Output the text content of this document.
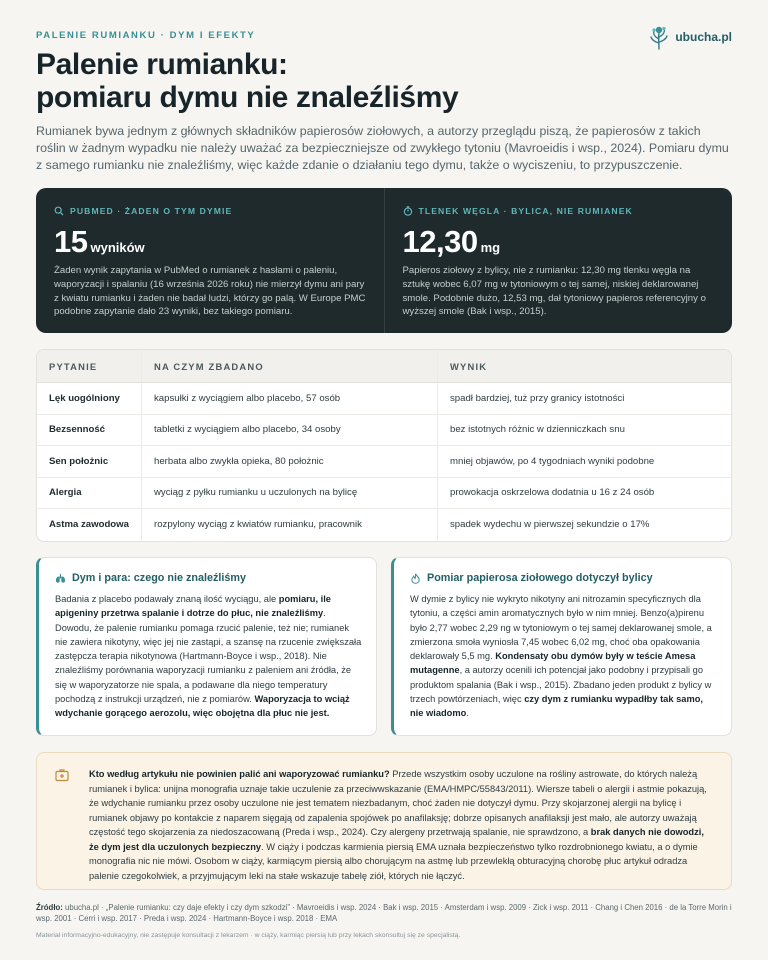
PALENIE RUMIANKU · DYM I EFEKTY	ubucha.pl
Palenie rumianku:
pomiaru dymu nie znaleźliśmy

Rumianek bywa jednym z głównych składników papierosów ziołowych, a autorzy przeglądu piszą, że papierosów z takich roślin w żadnym wypadku nie należy uważać za bezpieczniejsze od zwykłego tytoniu (Mavroeidis i wsp., 2024). Pomiaru dymu z samego rumianku nie znaleźliśmy, więc każde zdanie o działaniu tego dymu, także o wyciszeniu, to przypuszczenie.

PUBMED · ŻADEN O TYM DYMIE
15 wyników

Żaden wynik zapytania w PubMed o rumianek z hasłami o paleniu, waporyzacji i spalaniu (16 września 2026 roku) nie mierzył dymu ani pary z kwiatu rumianku i żaden nie badał ludzi, którzy go palą. W Europe PMC podobne zapytanie dało 23 wyniki, bez takiego pomiaru.

TLENEK WĘGLA · BYLICA, NIE RUMIANEK
12,30 mg

Papieros ziołowy z bylicy, nie z rumianku: 12,30 mg tlenku węgla na sztukę wobec 6,07 mg w tytoniowym o tej samej, niskiej deklarowanej smole. Podobnie dużo, 12,53 mg, dał tytoniowy papieros referencyjny o wyższej smole (Bak i wsp., 2015).

PYTANIE	NA CZYM ZBADANO	WYNIK
Lęk uogólniony	kapsułki z wyciągiem albo placebo, 57 osób	spadł bardziej, tuż przy granicy istotności
Bezsenność	tabletki z wyciągiem albo placebo, 34 osoby	bez istotnych różnic w dzienniczkach snu
Sen położnic	herbata albo zwykła opieka, 80 położnic	mniej objawów, po 4 tygodniach wyniki podobne
Alergia	wyciąg z pyłku rumianku u uczulonych na bylicę	prowokacja oskrzelowa dodatnia u 16 z 24 osób
Astma zawodowa	rozpylony wyciąg z kwiatów rumianku, pracownik	spadek wydechu w pierwszej sekundzie o 17%
Dym i para: czego nie znaleźliśmy

Badania z placebo podawały znaną ilość wyciągu, ale pomiaru, ile apigeniny przetrwa spalanie i dotrze do płuc, nie znaleźliśmy. Dowodu, że palenie rumianku pomaga rzucić palenie, też nie; rumianek nie zawiera nikotyny, więc jej nie zastąpi, a szansę na rzucenie zwiększała zastępcza terapia nikotynowa (Hartmann-Boyce i wsp., 2018). Nie znaleźliśmy porównania waporyzacji rumianku z paleniem ani źródła, że się w waporyzatorze nie spala, a podawane dla niego temperatury pochodzą z instrukcji urządzeń, nie z pomiarów. Waporyzacja to wciąż wdychanie gorącego aerozolu, więc obojętna dla płuc nie jest.

Pomiar papierosa ziołowego dotyczył bylicy

W dymie z bylicy nie wykryto nikotyny ani nitrozamin specyficznych dla tytoniu, a części amin aromatycznych było w nim mniej. Benzo(a)pirenu było 2,77 wobec 2,29 ng w tytoniowym o tej samej deklarowanej smole, a zmierzona smoła wyniosła 7,45 wobec 6,02 mg, choć oba opakowania deklarowały 5,5 mg. Kondensaty obu dymów były w teście Amesa mutagenne, a autorzy ocenili ich potencjał jako podobny i przypisali go produktom spalania (Bak i wsp., 2015). Zbadano jeden produkt z bylicy w trzech powtórzeniach, więc czy dym z rumianku wypadłby tak samo, nie wiadomo.

Kto według artykułu nie powinien palić ani waporyzować rumianku? Przede wszystkim osoby uczulone na rośliny astrowate, do których należą rumianek i bylica: unijna monografia uznaje takie uczulenie za przeciwwskazanie (EMA/HMPC/55843/2011). Wiersze tabeli o alergii i astmie pokazują, że wdychanie rumianku przez osoby uczulone nie jest tematem niezbadanym, choć żaden nie dotyczył dymu. Przy skojarzonej alergii na bylicę i rumianek objawy po kontakcie z naparem sięgają od zapalenia spojówek po anafilaksję; dobrze opisanych anafilaksji jest mało, ale autorzy uważają częstość tego skojarzenia za niedoszacowaną (Preda i wsp., 2024). Czy alergeny przetrwają spalanie, nie sprawdzono, a brak danych nie dowodzi, że dym jest dla uczulonych bezpieczny. W ciąży i podczas karmienia piersią EMA uznała bezpieczeństwo tylko rozdrobnionego kwiatu, a o dymie monografia nic nie mówi. Osobom w ciąży, karmiącym piersią albo chorującym na astmę lub przewlekłą obturacyjną chorobę płuc artykuł odradza palenie czegokolwiek, a przyjmującym leki na stałe wskazuje tabelę ziół, których nie łączyć.

Źródło: ubucha.pl · „Palenie rumianku: czy daje efekty i czy dym szkodzi” · Mavroeidis i wsp. 2024 · Bak i wsp. 2015 · Amsterdam i wsp. 2009 · Zick i wsp. 2011 · Chang i Chen 2016 · de la Torre Morin i wsp. 2001 · Cerri i wsp. 2017 · Preda i wsp. 2024 · Hartmann-Boyce i wsp. 2018 · EMA

Materiał informacyjno-edukacyjny, nie zastępuje konsultacji z lekarzem · w ciąży, karmiąc piersią lub przy lekach skonsultuj się ze specjalistą.
